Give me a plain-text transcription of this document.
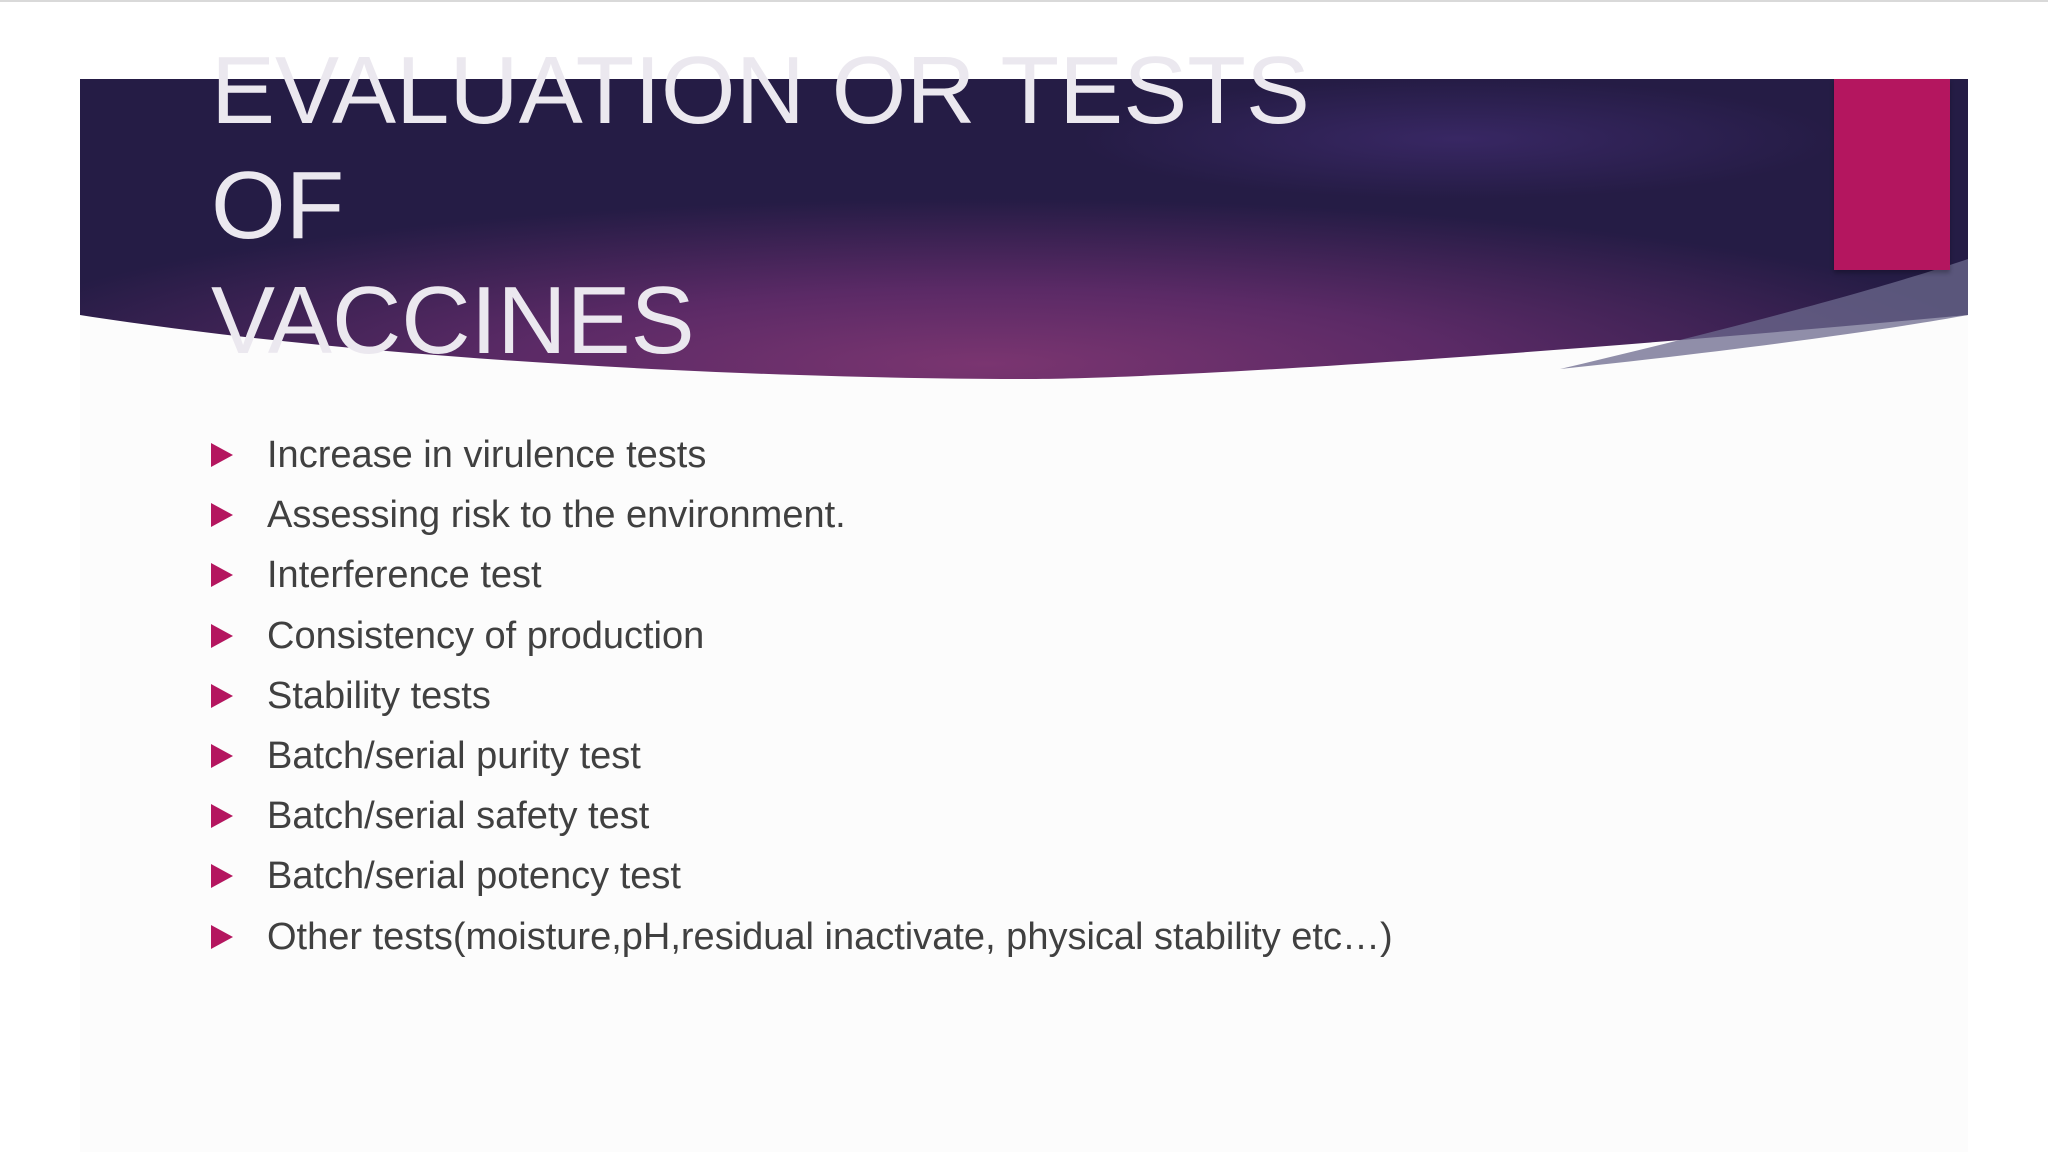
EVALUATION OR TESTS OF
VACCINES
Increase in virulence tests
Assessing risk to the environment.
Interference test
Consistency of production
Stability tests
Batch/serial purity test
Batch/serial safety test
Batch/serial potency test
Other tests(moisture,pH,residual inactivate, physical stability etc…)
